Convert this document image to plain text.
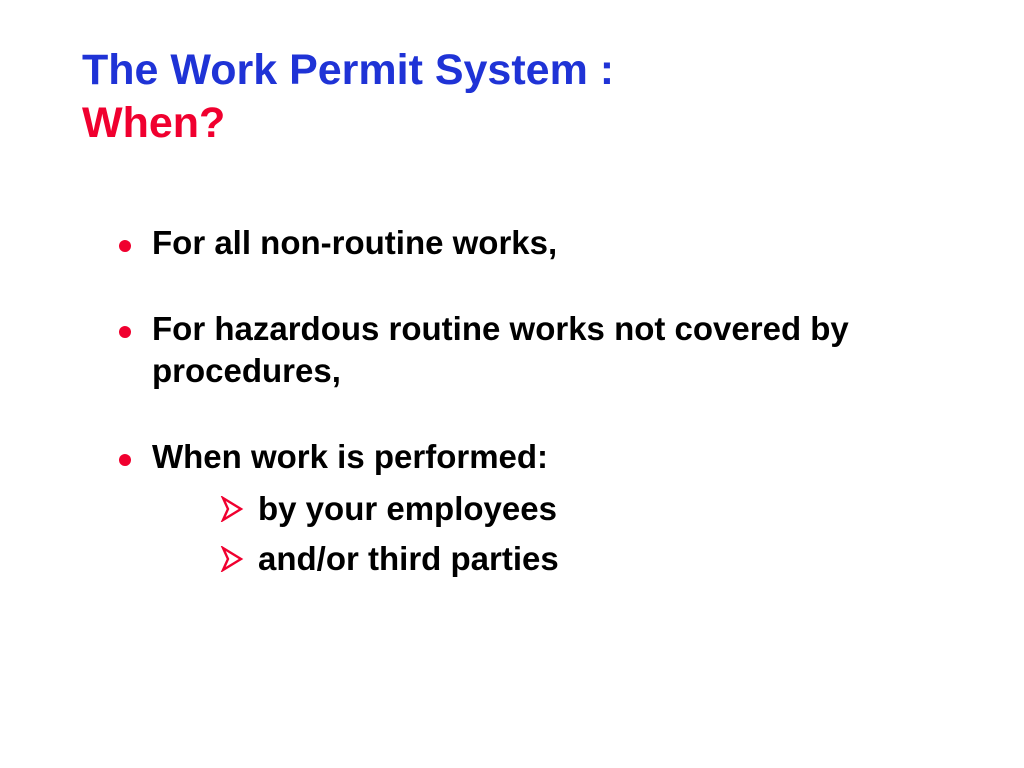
The Work Permit System :
When?
For all non-routine works,
For hazardous routine works not covered by procedures,
When work is performed:
by your employees
and/or third parties
